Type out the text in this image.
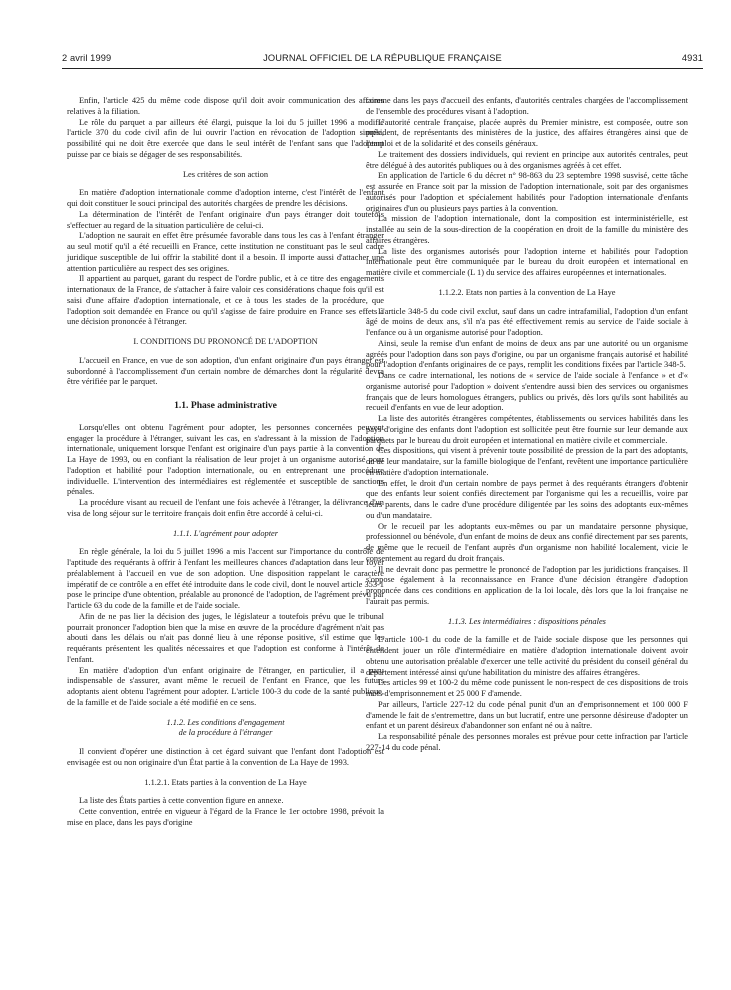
2 avril 1999	JOURNAL OFFICIEL DE LA RÉPUBLIQUE FRANÇAISE	4931

Enfin, l'article 425 du même code dispose qu'il doit avoir communication des affaires relatives à la filiation.

Le rôle du parquet a par ailleurs été élargi, puisque la loi du 5 juillet 1996 a modifié l'article 370 du code civil afin de lui ouvrir l'action en révocation de l'adoption simple, possibilité qui ne doit être exercée que dans le seul intérêt de l'enfant sans que l'adoptant puisse par ce biais se dégager de ses responsabilités.

Les critères de son action

En matière d'adoption internationale comme d'adoption interne, c'est l'intérêt de l'enfant qui doit constituer le souci principal des autorités chargées de prendre les décisions.

La détermination de l'intérêt de l'enfant originaire d'un pays étranger doit toutefois s'effectuer au regard de la situation particulière de celui-ci.

L'adoption ne saurait en effet être présumée favorable dans tous les cas à l'enfant étranger au seul motif qu'il a été recueilli en France, cette institution ne constituant pas le seul cadre juridique susceptible de lui offrir la stabilité dont il a besoin. Il importe aussi d'attacher une attention particulière au respect des ses origines.

Il appartient au parquet, garant du respect de l'ordre public, et à ce titre des engagements internationaux de la France, de s'attacher à faire valoir ces considérations chaque fois qu'il est saisi d'une affaire d'adoption internationale, et ce à tous les stades de la procédure, que l'adoption soit demandée en France ou qu'il s'agisse de faire produire en France ses effets à une décision prononcée à l'étranger.

I. CONDITIONS DU PRONONCÉ DE L'ADOPTION

L'accueil en France, en vue de son adoption, d'un enfant originaire d'un pays étranger est subordonné à l'accomplissement d'un certain nombre de démarches dont la régularité devra être vérifiée par le parquet.

1.1. Phase administrative

Lorsqu'elles ont obtenu l'agrément pour adopter, les personnes concernées peuvent engager la procédure à l'étranger, suivant les cas, en s'adressant à la mission de l'adoption internationale, uniquement lorsque l'enfant est originaire d'un pays partie à la convention de La Haye de 1993, ou en confiant la réalisation de leur projet à un organisme autorisé pour l'adoption et habilité pour l'adoption internationale, ou en entreprenant une procédure individuelle. L'intervention des intermédiaires est réglementée et susceptible de sanctions pénales.

La procédure visant au recueil de l'enfant une fois achevée à l'étranger, la délivrance d'un visa de long séjour sur le territoire français doit enfin être accordé à celui-ci.

1.1.1. L'agrément pour adopter

En règle générale, la loi du 5 juillet 1996 a mis l'accent sur l'importance du contrôle de l'aptitude des requérants à offrir à l'enfant les meilleures chances d'adaptation dans leur foyer préalablement à l'accueil en vue de son adoption. Une disposition rappelant le caractère impératif de ce contrôle a en effet été introduite dans le code civil, dont le nouvel article 353-1 pose le principe d'une obtention, préalable au prononcé de l'adoption, de l'agrément prévu par l'article 63 du code de la famille et de l'aide sociale.

Afin de ne pas lier la décision des juges, le législateur a toutefois prévu que le tribunal pourrait prononcer l'adoption bien que la mise en œuvre de la procédure d'agrément n'ait pas abouti dans les délais ou n'ait pas donné lieu à une réponse positive, s'il estime que les requérants présentent les qualités nécessaires et que l'adoption est conforme à l'intérêt de l'enfant.

En matière d'adoption d'un enfant originaire de l'étranger, en particulier, il a paru indispensable de s'assurer, avant même le recueil de l'enfant en France, que les futurs adoptants aient obtenu l'agrément pour adopter. L'article 100-3 du code de la santé publique, de la famille et de l'aide sociale a été modifié en ce sens.

1.1.2. Les conditions d'engagement
de la procédure à l'étranger

Il convient d'opérer une distinction à cet égard suivant que l'enfant dont l'adoption est envisagée est ou non originaire d'un État partie à la convention de La Haye de 1993.

1.1.2.1. Etats parties à la convention de La Haye

La liste des États parties à cette convention figure en annexe.

Cette convention, entrée en vigueur à l'égard de la France le 1er octobre 1998, prévoit la mise en place, dans les pays d'origine

comme dans les pays d'accueil des enfants, d'autorités centrales chargées de l'accomplissement de l'ensemble des procédures visant à l'adoption.

L'autorité centrale française, placée auprès du Premier ministre, est composée, outre son président, de représentants des ministères de la justice, des affaires étrangères ainsi que de l'emploi et de la solidarité et des conseils généraux.

Le traitement des dossiers individuels, qui revient en principe aux autorités centrales, peut être délégué à des autorités publiques ou à des organismes agréés à cet effet.

En application de l'article 6 du décret n° 98-863 du 23 septembre 1998 susvisé, cette tâche est assurée en France soit par la mission de l'adoption internationale, soit par des organismes autorisés pour l'adoption et spécialement habilités pour l'adoption internationale d'enfants originaires d'un ou plusieurs pays parties à la convention.

La mission de l'adoption internationale, dont la composition est interministérielle, est installée au sein de la sous-direction de la coopération en droit de la famille du ministère des affaires étrangères.

La liste des organismes autorisés pour l'adoption interne et habilités pour l'adoption internationale peut être communiquée par le bureau du droit européen et international en matière civile et commerciale (L 1) du service des affaires européennes et internationales.

1.1.2.2. Etats non parties à la convention de La Haye

L'article 348-5 du code civil exclut, sauf dans un cadre intrafamilial, l'adoption d'un enfant âgé de moins de deux ans, s'il n'a pas été effectivement remis au service de l'aide sociale à l'enfance ou à un organisme autorisé pour l'adoption.

Ainsi, seule la remise d'un enfant de moins de deux ans par une autorité ou un organisme agréés pour l'adoption dans son pays d'origine, ou par un organisme français autorisé et habilité pour l'adoption d'enfants originaires de ce pays, remplit les conditions fixées par l'article 348-5.

Dans ce cadre international, les notions de « service de l'aide sociale à l'enfance » et d'« organisme autorisé pour l'adoption » doivent s'entendre aussi bien des services ou organismes français que de leurs homologues étrangers, publics ou privés, dès lors qu'ils sont habilités au recueil d'enfants en vue de leur adoption.

La liste des autorités étrangères compétentes, établissements ou services habilités dans les pays d'origine des enfants dont l'adoption est sollicitée peut être fournie sur leur demande aux parquets par le bureau du droit européen et international en matière civile et commerciale.

Ces dispositions, qui visent à prévenir toute possibilité de pression de la part des adoptants, ou de leur mandataire, sur la famille biologique de l'enfant, revêtent une importance particulière en matière d'adoption internationale.

En effet, le droit d'un certain nombre de pays permet à des requérants étrangers d'obtenir que des enfants leur soient confiés directement par l'organisme qui les a recueillis, voire par leurs parents, dans le cadre d'une procédure diligentée par les soins des adoptants eux-mêmes ou d'un mandataire.

Or le recueil par les adoptants eux-mêmes ou par un mandataire personne physique, professionnel ou bénévole, d'un enfant de moins de deux ans confié directement par ses parents, de même que le recueil de l'enfant auprès d'un organisme non habilité localement, vicie le consentement au regard du droit français.

Il ne devrait donc pas permettre le prononcé de l'adoption par les juridictions françaises. Il s'oppose également à la reconnaissance en France d'une décision étrangère d'adoption prononcée dans ces conditions en application de la loi locale, dès lors que la loi française ne l'aurait pas permis.

1.1.3. Les intermédiaires : dispositions pénales

L'article 100-1 du code de la famille et de l'aide sociale dispose que les personnes qui entendent jouer un rôle d'intermédiaire en matière d'adoption internationale doivent avoir obtenu une autorisation préalable d'exercer une telle activité du président du conseil général du département intéressé ainsi qu'une habilitation du ministre des affaires étrangères.

Les articles 99 et 100-2 du même code punissent le non-respect de ces dispositions de trois mois d'emprisonnement et 25 000 F d'amende.

Par ailleurs, l'article 227-12 du code pénal punit d'un an d'emprisonnement et 100 000 F d'amende le fait de s'entremettre, dans un but lucratif, entre une personne désireuse d'adopter un enfant et un parent désireux d'abandonner son enfant né ou à naître.

La responsabilité pénale des personnes morales est prévue pour cette infraction par l'article 227-14 du code pénal.
